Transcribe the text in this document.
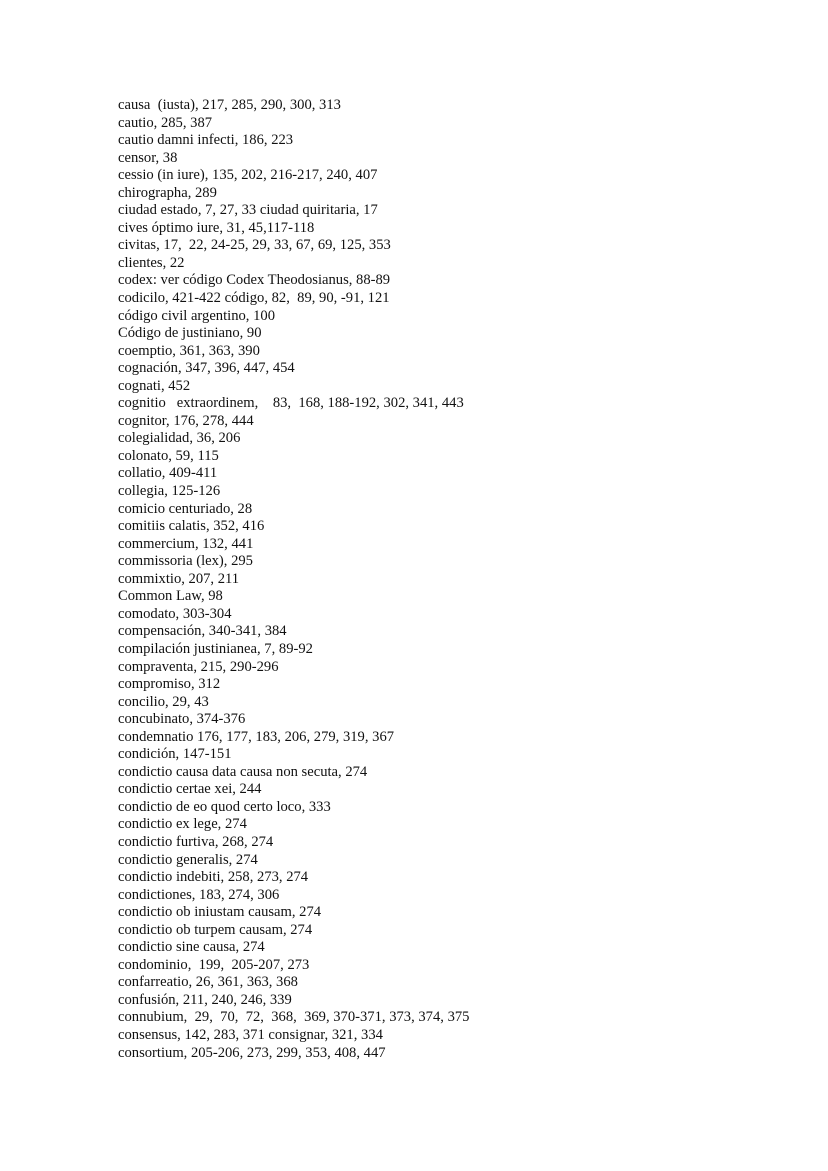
causa  (iusta), 217, 285, 290, 300, 313
cautio, 285, 387
cautio damni infecti, 186, 223
censor, 38
cessio (in iure), 135, 202, 216-217, 240, 407
chirographa, 289
ciudad estado, 7, 27, 33 ciudad quiritaria, 17
cives óptimo iure, 31, 45,117-118
civitas, 17,  22, 24-25, 29, 33, 67, 69, 125, 353
clientes, 22
codex: ver código Codex Theodosianus, 88-89
codicilo, 421-422 código, 82,  89, 90, -91, 121
código civil argentino, 100
Código de justiniano, 90
coemptio, 361, 363, 390
cognación, 347, 396, 447, 454
cognati, 452
cognitio   extraordinem,    83,  168, 188-192, 302, 341, 443
cognitor, 176, 278, 444
colegialidad, 36, 206
colonato, 59, 115
collatio, 409-411
collegia, 125-126
comicio centuriado, 28
comitiis calatis, 352, 416
commercium, 132, 441
commissoria (lex), 295
commixtio, 207, 211
Common Law, 98
comodato, 303-304
compensación, 340-341, 384
compilación justinianea, 7, 89-92
compraventa, 215, 290-296
compromiso, 312
concilio, 29, 43
concubinato, 374-376
condemnatio 176, 177, 183, 206, 279, 319, 367
condición, 147-151
condictio causa data causa non secuta, 274
condictio certae xei, 244
condictio de eo quod certo loco, 333
condictio ex lege, 274
condictio furtiva, 268, 274
condictio generalis, 274
condictio indebiti, 258, 273, 274
condictiones, 183, 274, 306
condictio ob iniustam causam, 274
condictio ob turpem causam, 274
condictio sine causa, 274
condominio,  199,  205-207, 273
confarreatio, 26, 361, 363, 368
confusión, 211, 240, 246, 339
connubium,  29,  70,  72,  368,  369, 370-371, 373, 374, 375
consensus, 142, 283, 371 consignar, 321, 334
consortium, 205-206, 273, 299, 353, 408, 447
